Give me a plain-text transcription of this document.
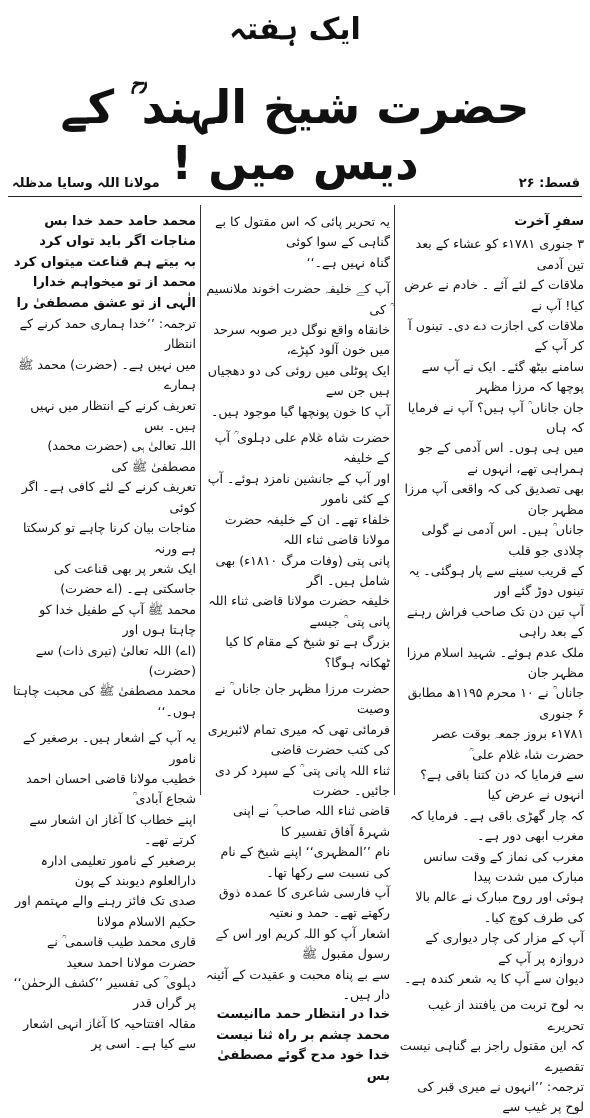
ایک ہفتہ
حضرت شیخ الہند ؒ کے دیس میں !	قسط: ۲۶
مولانا اللہ وسایا مدظلہ

سفرِ آخرت

۳ جنوری ۱۷۸۱ء کو عشاء کے بعد تین آدمی

ملاقات کے لئے آئے ۔ خادم نے عرض کیا! آپ نے

ملاقات کی اجازت دے دی۔ تینوں آ کر آپ کے

سامنے بیٹھ گئے۔ ایک نے آپ سے پوچھا کہ مرزا مظہر

جان جاناں ؒ آپ ہیں؟ آپ نے فرمایا کہ ہاں

میں ہی ہوں۔ اس آدمی کے جو ہمراہی تھے، انہوں نے

بھی تصدیق کی کہ واقعی آپ مرزا مظہر جان

جاناں ؒ ہیں۔ اس آدمی نے گولی چلادی جو قلب

کے قریب سینے سے پار ہوگئی۔ یہ تینوں دوڑ گئے اور

آپ تین دن تک صاحب فراش رہنے کے بعد راہی

ملک عدم ہوئے۔ شہید اسلام مرزا مظہر جان

جاناں ؒ نے ۱۰ محرم ۱۱۹۵ھ مطابق ۶ جنوری

۱۷۸۱ء بروز جمعہ بوقت عصر حضرت شاہ غلام علی ؒ

سے فرمایا کہ دن کتنا باقی ہے؟ انہوں نے عرض کیا

کہ چار گھڑی باقی ہے۔ فرمایا کہ مغرب ابھی دور ہے۔

مغرب کی نماز کے وقت سانس مبارک میں شدت پیدا

ہوئی اور روح مبارک نے عالم بالا کی طرف کوچ کیا۔

آپ کے مزار کی چار دیواری کے دروازہ پر آپ کے

دیوان سے آپ کا یہ شعر کندہ ہے۔

بہ لوح تربت من یافتند از غیب تحریرے

کہ این مقتول راجز بے گناہی نیست تقصیرے

ترجمہ: ’’انہوں نے میری قبر کی لوح پر غیب سے

یہ تحریر پائی کہ اس مقتول کا بے گناہی کے سوا کوئی

گناہ نہیں ہے۔‘‘

آپ کے خلیفہ حضرت اخوند ملانسیم ؒ کی

خانقاہ واقع نوگل دیر صوبہ سرحد میں خون آلود کپڑے،

ایک پوٹلی میں روئی کی دو دھجیاں ہیں جن سے

آپ کا خون پونچھا گیا موجود ہیں۔

حضرت شاہ غلام علی دہلوی ؒ آپ کے خلیفہ

اور آپ کے جانشین نامزد ہوئے۔ آپ کے کئی نامور

خلفاء تھے۔ ان کے خلیفہ حضرت مولانا قاضی ثناء اللہ

پانی پتی (وفات مرگ ۱۸۱۰ء) بھی شامل ہیں۔ اگر

خلیفہ حضرت مولانا قاضی ثناء اللہ پانی پتی ؒ جیسے

بزرگ ہے تو شیخ کے مقام کا کیا ٹھکانہ ہوگا؟

حضرت مرزا مظہر جان جاناں ؒ نے وصیت

فرمائی تھی کہ میری تمام لائبریری کی کتب حضرت قاضی

ثناء اللہ پانی پتی ؒ کے سپرد کر دی جائیں۔ حضرت

قاضی ثناء اللہ صاحب ؒ نے اپنی شہرۂ آفاق تفسیر کا

نام ’’المظہری‘‘ اپنے شیخ کے نام کی نسبت سے رکھا تھا۔

آپ فارسی شاعری کا عمدہ ذوق رکھتے تھے۔ حمد و نعتیہ

اشعار آپ کو اللہ کریم اور اس کے رسول مقبول ﷺ

سے بے پناہ محبت و عقیدت کے آئینہ دار ہیں۔

خدا در انتظار حمد ماانیست

محمد چشم بر راہ ثنا نیست

خدا خود مدح گوئے مصطفیٰ بس

محمد حامد حمد خدا بس

مناجات اگر باید تواں کرد

بہ بیتے ہم قناعت میتواں کرد

محمد از تو میخواہم خدارا

الٰہی از تو عشق مصطفیٰ را

ترجمہ: ’’خدا ہماری حمد کرنے کے انتظار

میں نہیں ہے۔ (حضرت) محمد ﷺ ہمارے

تعریف کرنے کے انتظار میں نہیں ہیں۔ بس

اللہ تعالیٰ ہی (حضرت محمد) مصطفیٰ ﷺ کی

تعریف کرنے کے لئے کافی ہے۔ اگر کوئی

مناجات بیان کرنا چاہے تو کرسکتا ہے ورنہ

ایک شعر پر بھی قناعت کی جاسکتی ہے۔ (اے حضرت)

محمد ﷺ آپ کے طفیل خدا کو چاہتا ہوں اور

(اے) اللہ تعالیٰ (تیری ذات) سے (حضرت)

محمد مصطفیٰ ﷺ کی محبت چاہتا ہوں۔‘‘

یہ آپ کے اشعار ہیں۔ برصغیر کے نامور

خطیب مولانا قاضی احسان احمد شجاع آبادی ؒ

اپنے خطاب کا آغاز ان اشعار سے کرتے تھے۔

برصغیر کے نامور تعلیمی ادارہ دارالعلوم دیوبند کے پون

صدی تک فائز رہنے والے مہتمم اور حکیم الاسلام مولانا

قاری محمد طیب قاسمی ؒ نے حضرت مولانا احمد سعید

دہلوی ؒ کی تفسیر ’’کشف الرحمٰن‘‘ پر گراں قدر

مقالہ افتتاحیہ کا آغاز انہی اشعار سے کیا ہے۔ اسی پر
